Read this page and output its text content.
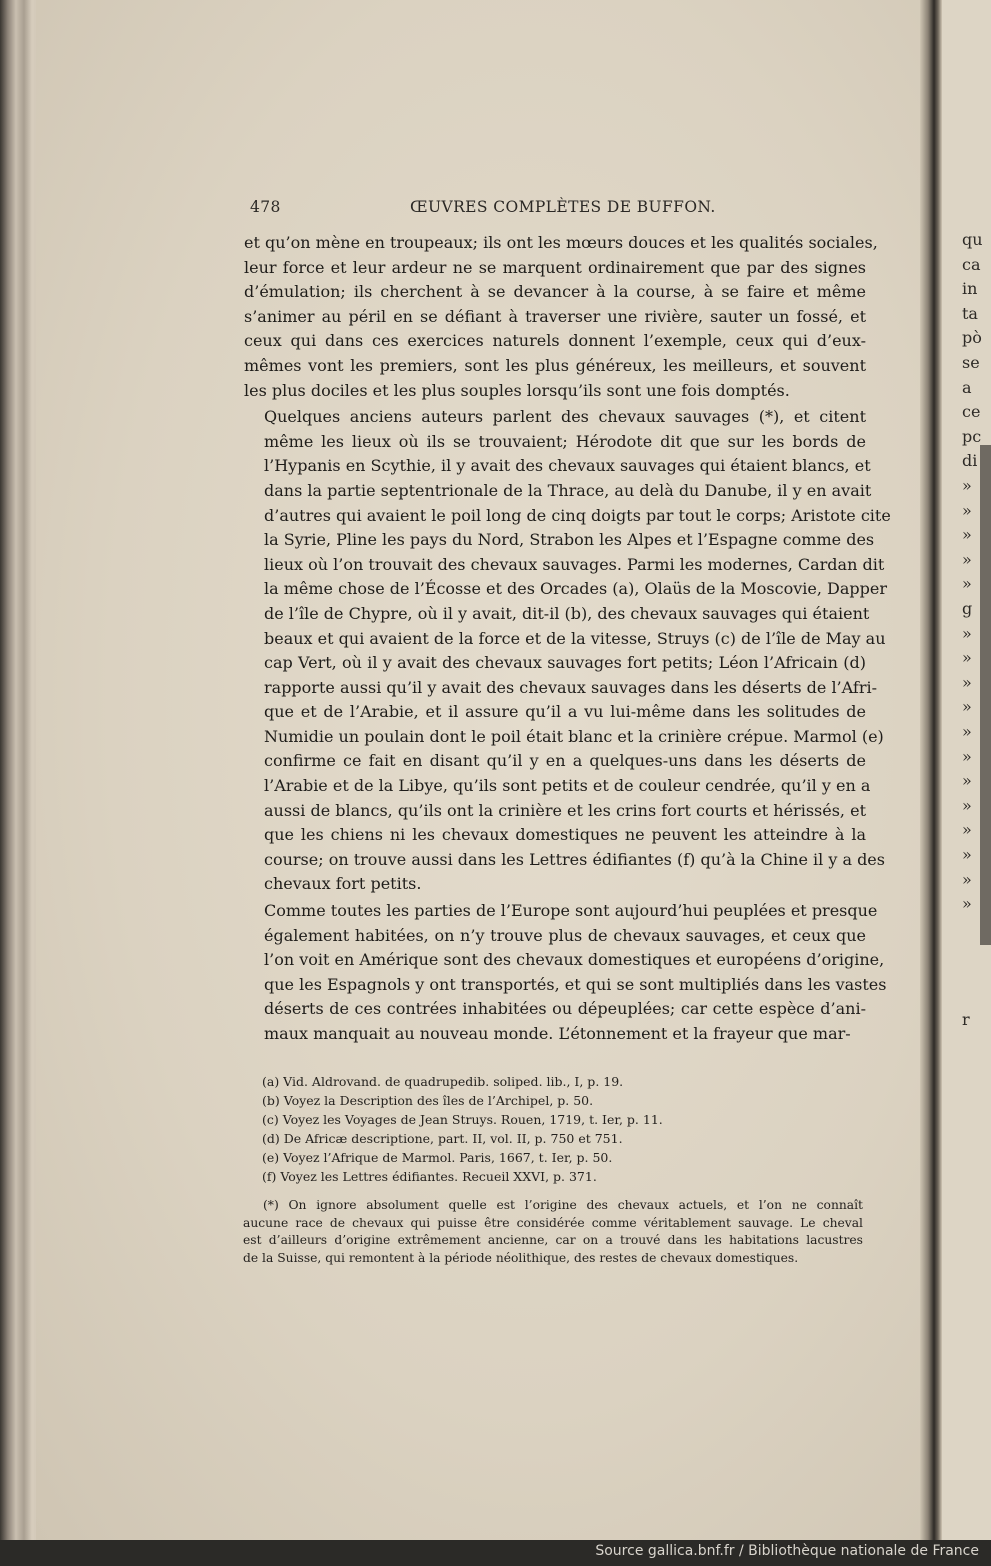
478	ŒUVRES COMPLÈTES DE BUFFON.

et qu’on mène en troupeaux; ils ont les mœurs douces et les qualités sociales,
leur force et leur ardeur ne se marquent ordinairement que par des signes
d’émulation; ils cherchent à se devancer à la course, à se faire et même
s’animer au péril en se défiant à traverser une rivière, sauter un fossé, et
ceux qui dans ces exercices naturels donnent l’exemple, ceux qui d’eux-
mêmes vont les premiers, sont les plus généreux, les meilleurs, et souvent
les plus dociles et les plus souples lorsqu’ils sont une fois domptés.

Quelques anciens auteurs parlent des chevaux sauvages (*), et citent
même les lieux où ils se trouvaient; Hérodote dit que sur les bords de
l’Hypanis en Scythie, il y avait des chevaux sauvages qui étaient blancs, et
dans la partie septentrionale de la Thrace, au delà du Danube, il y en avait
d’autres qui avaient le poil long de cinq doigts par tout le corps; Aristote cite
la Syrie, Pline les pays du Nord, Strabon les Alpes et l’Espagne comme des
lieux où l’on trouvait des chevaux sauvages. Parmi les modernes, Cardan dit
la même chose de l’Écosse et des Orcades (a), Olaüs de la Moscovie, Dapper
de l’île de Chypre, où il y avait, dit-il (b), des chevaux sauvages qui étaient
beaux et qui avaient de la force et de la vitesse, Struys (c) de l’île de May au
cap Vert, où il y avait des chevaux sauvages fort petits; Léon l’Africain (d)
rapporte aussi qu’il y avait des chevaux sauvages dans les déserts de l’Afri-
que et de l’Arabie, et il assure qu’il a vu lui-même dans les solitudes de
Numidie un poulain dont le poil était blanc et la crinière crépue. Marmol (e)
confirme ce fait en disant qu’il y en a quelques-uns dans les déserts de
l’Arabie et de la Libye, qu’ils sont petits et de couleur cendrée, qu’il y en a
aussi de blancs, qu’ils ont la crinière et les crins fort courts et hérissés, et
que les chiens ni les chevaux domestiques ne peuvent les atteindre à la
course; on trouve aussi dans les Lettres édifiantes (f) qu’à la Chine il y a des
chevaux fort petits.

Comme toutes les parties de l’Europe sont aujourd’hui peuplées et presque
également habitées, on n’y trouve plus de chevaux sauvages, et ceux que
l’on voit en Amérique sont des chevaux domestiques et européens d’origine,
que les Espagnols y ont transportés, et qui se sont multipliés dans les vastes
déserts de ces contrées inhabitées ou dépeuplées; car cette espèce d’ani-
maux manquait au nouveau monde. L’étonnement et la frayeur que mar-

(a) Vid. Aldrovand. de quadrupedib. soliped. lib., I, p. 19.
(b) Voyez la Description des îles de l’Archipel, p. 50.
(c) Voyez les Voyages de Jean Struys. Rouen, 1719, t. Ier, p. 11.
(d) De Africæ descriptione, part. II, vol. II, p. 750 et 751.
(e) Voyez l’Afrique de Marmol. Paris, 1667, t. Ier, p. 50.
(f) Voyez les Lettres édifiantes. Recueil XXVI, p. 371.
(*) On ignore absolument quelle est l’origine des chevaux actuels, et l’on ne connaît
aucune race de chevaux qui puisse être considérée comme véritablement sauvage. Le cheval
est d’ailleurs d’origine extrêmement ancienne, car on a trouvé dans les habitations lacustres
de la Suisse, qui remontent à la période néolithique, des restes de chevaux domestiques.
qu
ca
in
ta
pò
se
a
ce
pc
di
»
»
»
»
»
g
»
»
»
»
»
»
»
»
»
»
»
»
r
Source gallica.bnf.fr / Bibliothèque nationale de France
